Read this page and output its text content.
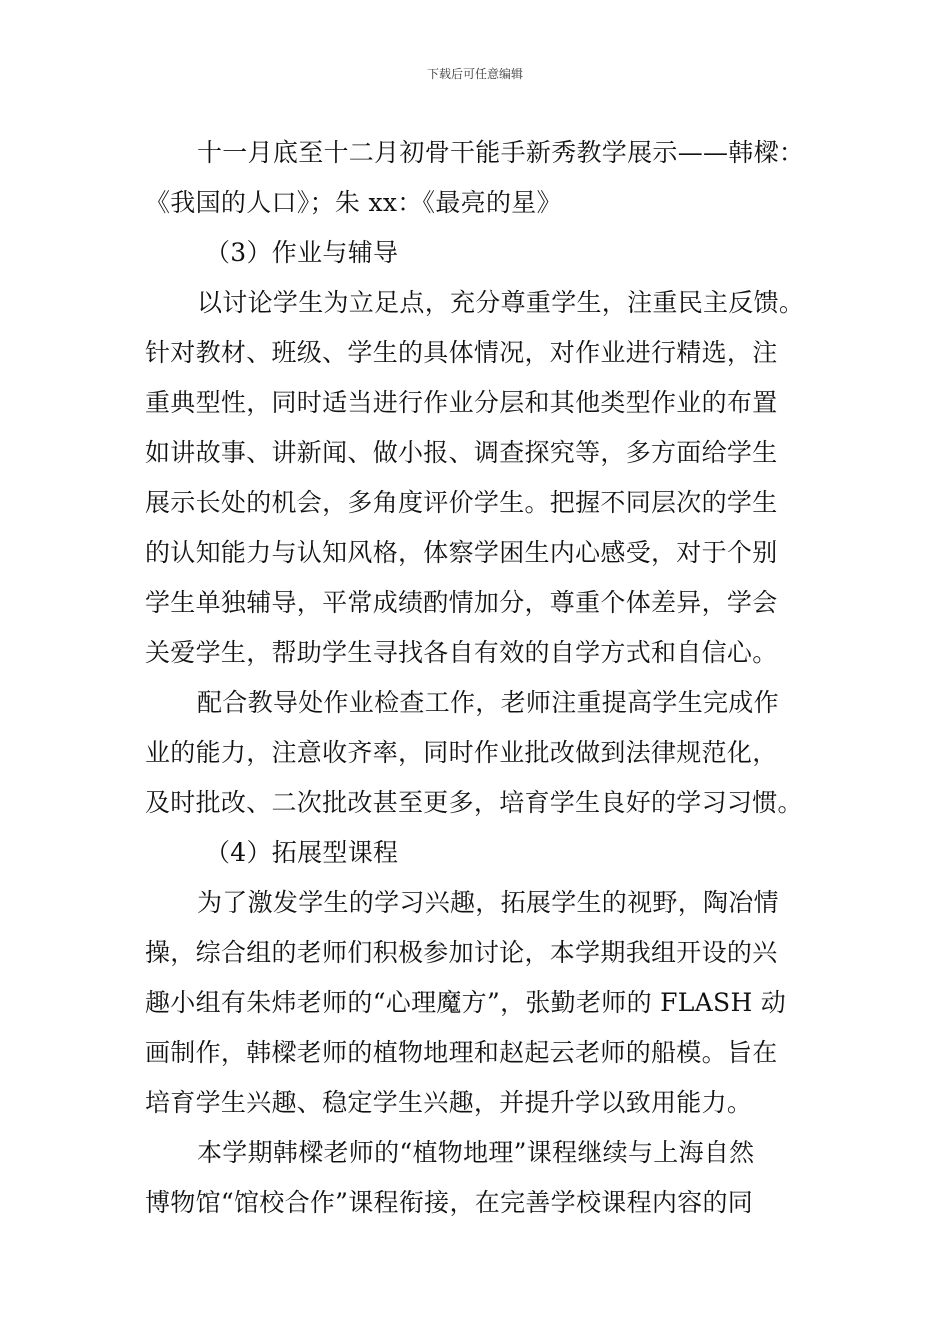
下载后可任意编辑
十一月底至十二月初骨干能手新秀教学展示——韩樑：
《我国的人口》；朱 xx：《最亮的星》
（3）作业与辅导
以讨论学生为立足点，充分尊重学生，注重民主反馈。
针对教材、班级、学生的具体情况，对作业进行精选，注
重典型性，同时适当进行作业分层和其他类型作业的布置
如讲故事、讲新闻、做小报、调查探究等，多方面给学生
展示长处的机会，多角度评价学生。把握不同层次的学生
的认知能力与认知风格，体察学困生内心感受，对于个别
学生单独辅导，平常成绩酌情加分，尊重个体差异，学会
关爱学生，帮助学生寻找各自有效的自学方式和自信心。
配合教导处作业检查工作，老师注重提高学生完成作
业的能力，注意收齐率，同时作业批改做到法律规范化，
及时批改、二次批改甚至更多，培育学生良好的学习习惯。
（4）拓展型课程
为了激发学生的学习兴趣，拓展学生的视野，陶冶情
操，综合组的老师们积极参加讨论，本学期我组开设的兴
趣小组有朱炜老师的“心理魔方”，张勤老师的 FLASH 动
画制作，韩樑老师的植物地理和赵起云老师的船模。旨在
培育学生兴趣、稳定学生兴趣，并提升学以致用能力。
本学期韩樑老师的“植物地理”课程继续与上海自然
博物馆“馆校合作”课程衔接，在完善学校课程内容的同
